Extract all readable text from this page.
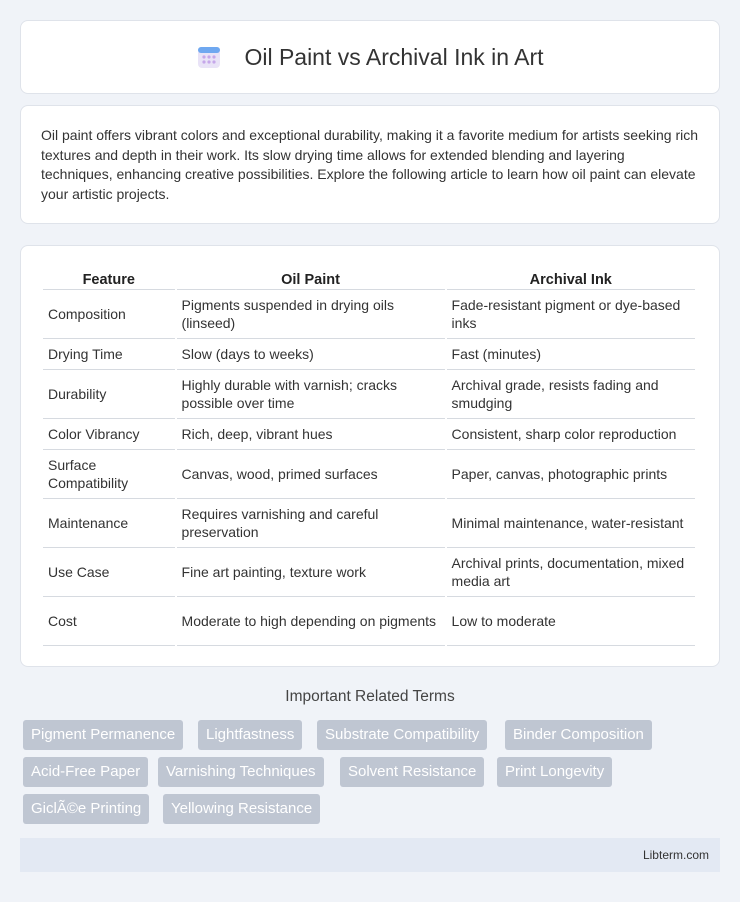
Oil Paint vs Archival Ink in Art

Oil paint offers vibrant colors and exceptional durability, making it a favorite medium for artists seeking rich textures and depth in their work. Its slow drying time allows for extended blending and layering techniques, enhancing creative possibilities. Explore the following article to learn how oil paint can elevate your artistic projects.

Feature	Oil Paint	Archival Ink
Composition	Pigments suspended in drying oils (linseed)	Fade-resistant pigment or dye-based inks
Drying Time	Slow (days to weeks)	Fast (minutes)
Durability	Highly durable with varnish; cracks possible over time	Archival grade, resists fading and smudging
Color Vibrancy	Rich, deep, vibrant hues	Consistent, sharp color reproduction
Surface Compatibility	Canvas, wood, primed surfaces	Paper, canvas, photographic prints
Maintenance	Requires varnishing and careful preservation	Minimal maintenance, water-resistant
Use Case	Fine art painting, texture work	Archival prints, documentation, mixed media art
Cost	Moderate to high depending on pigments	Low to moderate
Important Related Terms
Pigment Permanence	Lightfastness	Substrate Compatibility	Binder Composition
Acid-Free Paper	Varnishing Techniques	Solvent Resistance	Print Longevity
GiclÃ©e Printing	Yellowing Resistance
Libterm.com
